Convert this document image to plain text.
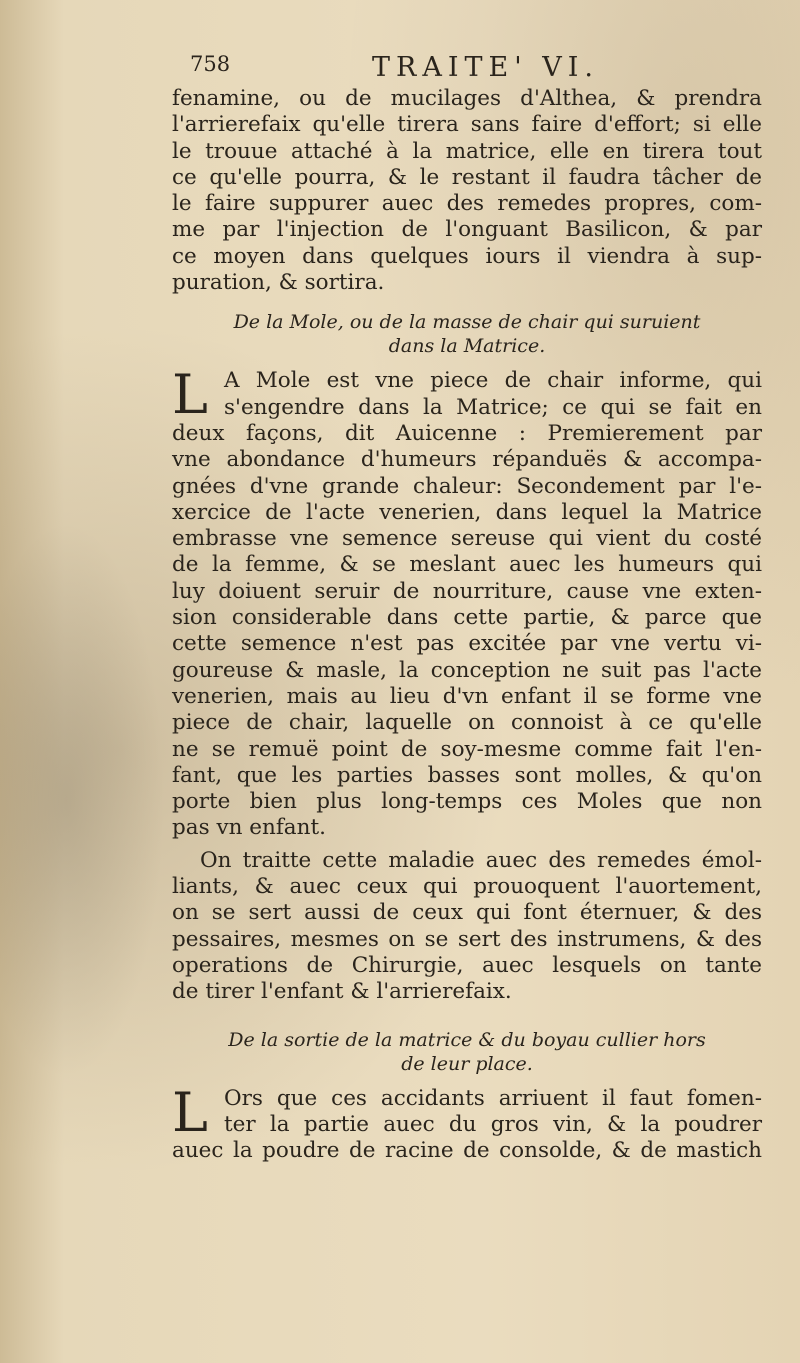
758	TRAITE' VI.
fenamine, ou de mucilages d'Althea, & prendra
l'arrierefaix qu'elle tirera sans faire d'effort; si elle
le trouue attaché à la matrice, elle en tirera tout
ce qu'elle pourra, & le restant il faudra tâcher de
le faire suppurer auec des remedes propres, com-
me par l'injection de l'onguant Basilicon, & par
ce moyen dans quelques iours il viendra à sup-
puration, & sortira.
De la Mole, ou de la masse de chair qui suruient
dans la Matrice.
L A Mole est vne piece de chair informe, qui
s'engendre dans la Matrice; ce qui se fait en
deux façons, dit Auicenne : Premierement par
vne abondance d'humeurs répanduës & accompa-
gnées d'vne grande chaleur: Secondement par l'e-
xercice de l'acte venerien, dans lequel la Matrice
embrasse vne semence sereuse qui vient du costé
de la femme, & se meslant auec les humeurs qui
luy doiuent seruir de nourriture, cause vne exten-
sion considerable dans cette partie, & parce que
cette semence n'est pas excitée par vne vertu vi-
goureuse & masle, la conception ne suit pas l'acte
venerien, mais au lieu d'vn enfant il se forme vne
piece de chair, laquelle on connoist à ce qu'elle
ne se remuë point de soy-mesme comme fait l'en-
fant, que les parties basses sont molles, & qu'on
porte bien plus long-temps ces Moles que non
pas vn enfant.
On traitte cette maladie auec des remedes émol-
liants, & auec ceux qui prouoquent l'auortement,
on se sert aussi de ceux qui font éternuer, & des
pessaires, mesmes on se sert des instrumens, & des
operations de Chirurgie, auec lesquels on tante
de tirer l'enfant & l'arrierefaix.
De la sortie de la matrice & du boyau cullier hors
de leur place.
L Ors que ces accidants arriuent il faut fomen-
ter la partie auec du gros vin, & la poudrer
auec la poudre de racine de consolde, & de mastich
